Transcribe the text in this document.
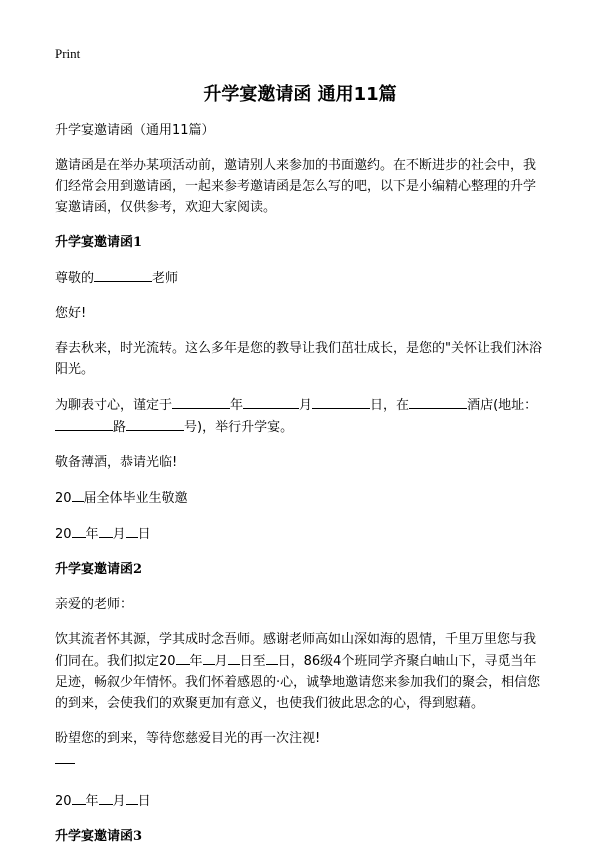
Print
升学宴邀请函 通用11篇

升学宴邀请函（通用11篇）

邀请函是在举办某项活动前，邀请别人来参加的书面邀约。在不断进步的社会中，我们经常会用到邀请函，一起来参考邀请函是怎么写的吧，以下是小编精心整理的升学宴邀请函，仅供参考，欢迎大家阅读。

升学宴邀请函1

尊敬的	老师

您好!

春去秋来，时光流转。这么多年是您的教导让我们茁壮成长，是您的"关怀让我们沐浴阳光。

为聊表寸心，谨定于	年	月	日，在	酒店(地址：路	号)，举行升学宴。

敬备薄酒，恭请光临!

20 届全体毕业生敬邀

20 年 月 日

升学宴邀请函2

亲爱的老师：

饮其流者怀其源，学其成时念吾师。感谢老师高如山深如海的恩情，千里万里您与我们同在。我们拟定20 年 月 日至 日，86级4个班同学齐聚白岫山下，寻觅当年足迹，畅叙少年情怀。我们怀着感恩的·心，诚挚地邀请您来参加我们的聚会，相信您的到来，会使我们的欢聚更加有意义，也使我们彼此思念的心，得到慰藉。

盼望您的到来，等待您慈爱目光的再一次注视!

20 年 月 日

升学宴邀请函3
